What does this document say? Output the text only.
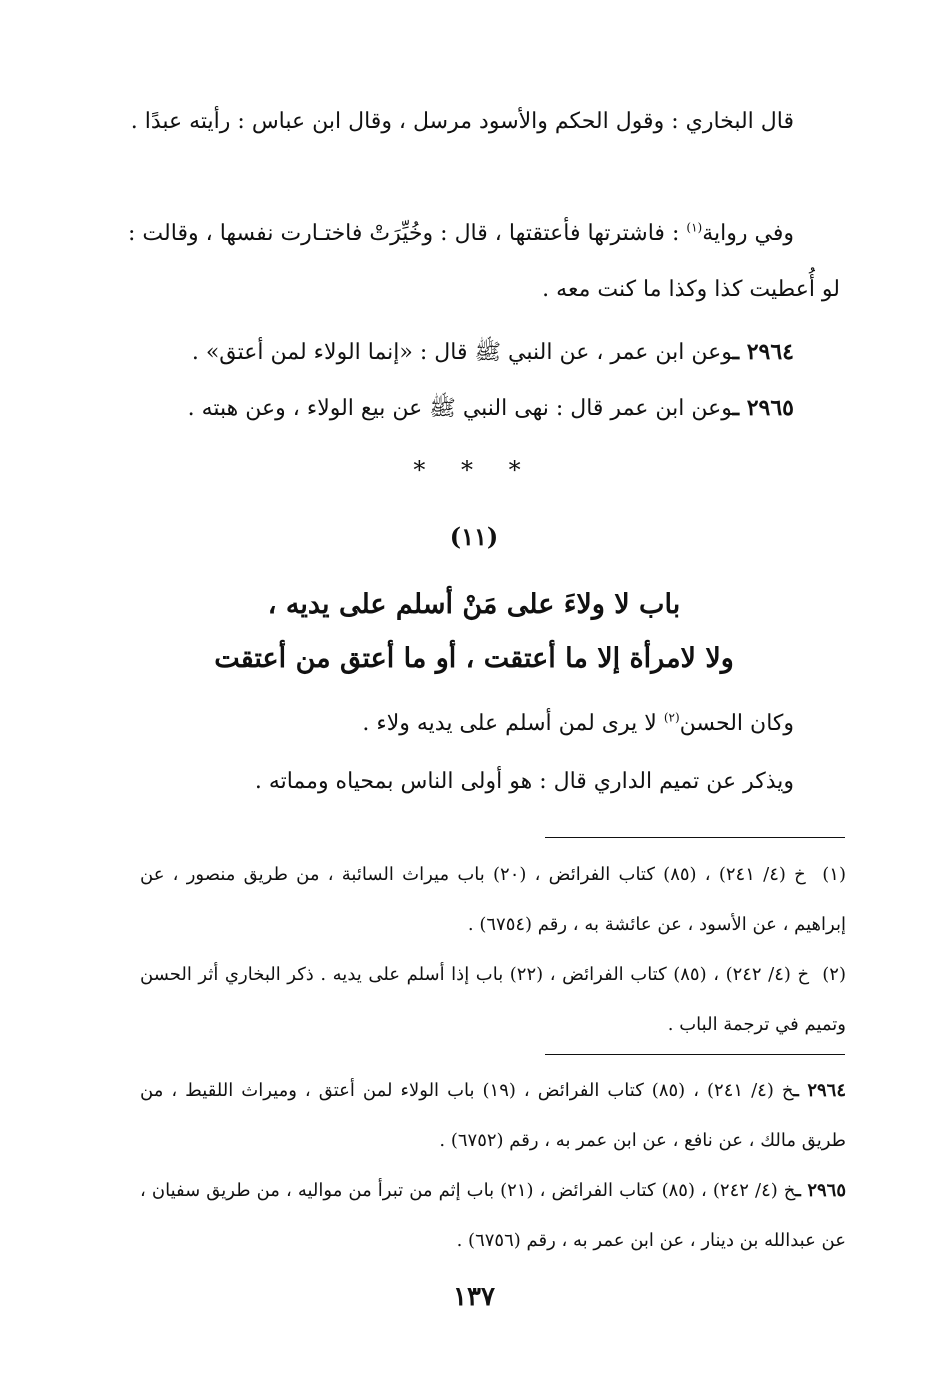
قال البخاري : وقول الحكم والأسود مرسل ، وقال ابن عباس : رأيته عبدًا .

وفي رواية$^{(١)}$ : فاشترتها فأعتقتها ، قال : وخُيِّرَتْ فاختـارت نفسها ، وقالت : لو أُعطيت كذا وكذا ما كنت معه .

٢٩٦٤ ـوعن ابن عمر ، عن النبي ﷺ قال : «إنما الولاء لمن أعتق» .

٢٩٦٥ ـوعن ابن عمر قال : نهى النبي ﷺ عن بيع الولاء ، وعن هبته .

* * *
(١١)
باب لا ولاءَ على مَنْ أسلم على يديه ،
ولا لامرأة إلا ما أعتقت ، أو ما أعتق من أعتقت

وكان الحسن$^{(٢)}$ لا يرى لمن أسلم على يديه ولاء .

ويذكر عن تميم الداري قال : هو أولى الناس بمحياه ومماته .

(١)  خ (٤/ ٢٤١) ، (٨٥) كتاب الفرائض ، (٢٠) باب ميراث السائبة ، من طريق منصور ، عن إبراهيم ، عن الأسود ، عن عائشة به ، رقم (٦٧٥٤) .

(٢)  خ (٤/ ٢٤٢) ، (٨٥) كتاب الفرائض ، (٢٢) باب إذا أسلم على يديه . ذكر البخاري أثر الحسن وتميم في ترجمة الباب .

٢٩٦٤ ـخ (٤/ ٢٤١) ، (٨٥) كتاب الفرائض ، (١٩) باب الولاء لمن أعتق ، وميراث اللقيط ، من طريق مالك ، عن نافع ، عن ابن عمر به ، رقم (٦٧٥٢) .

٢٩٦٥ ـخ (٤/ ٢٤٢) ، (٨٥) كتاب الفرائض ، (٢١) باب إثم من تبرأ من مواليه ، من طريق سفيان ، عن عبدالله بن دينار ، عن ابن عمر به ، رقم (٦٧٥٦) .

١٣٧
